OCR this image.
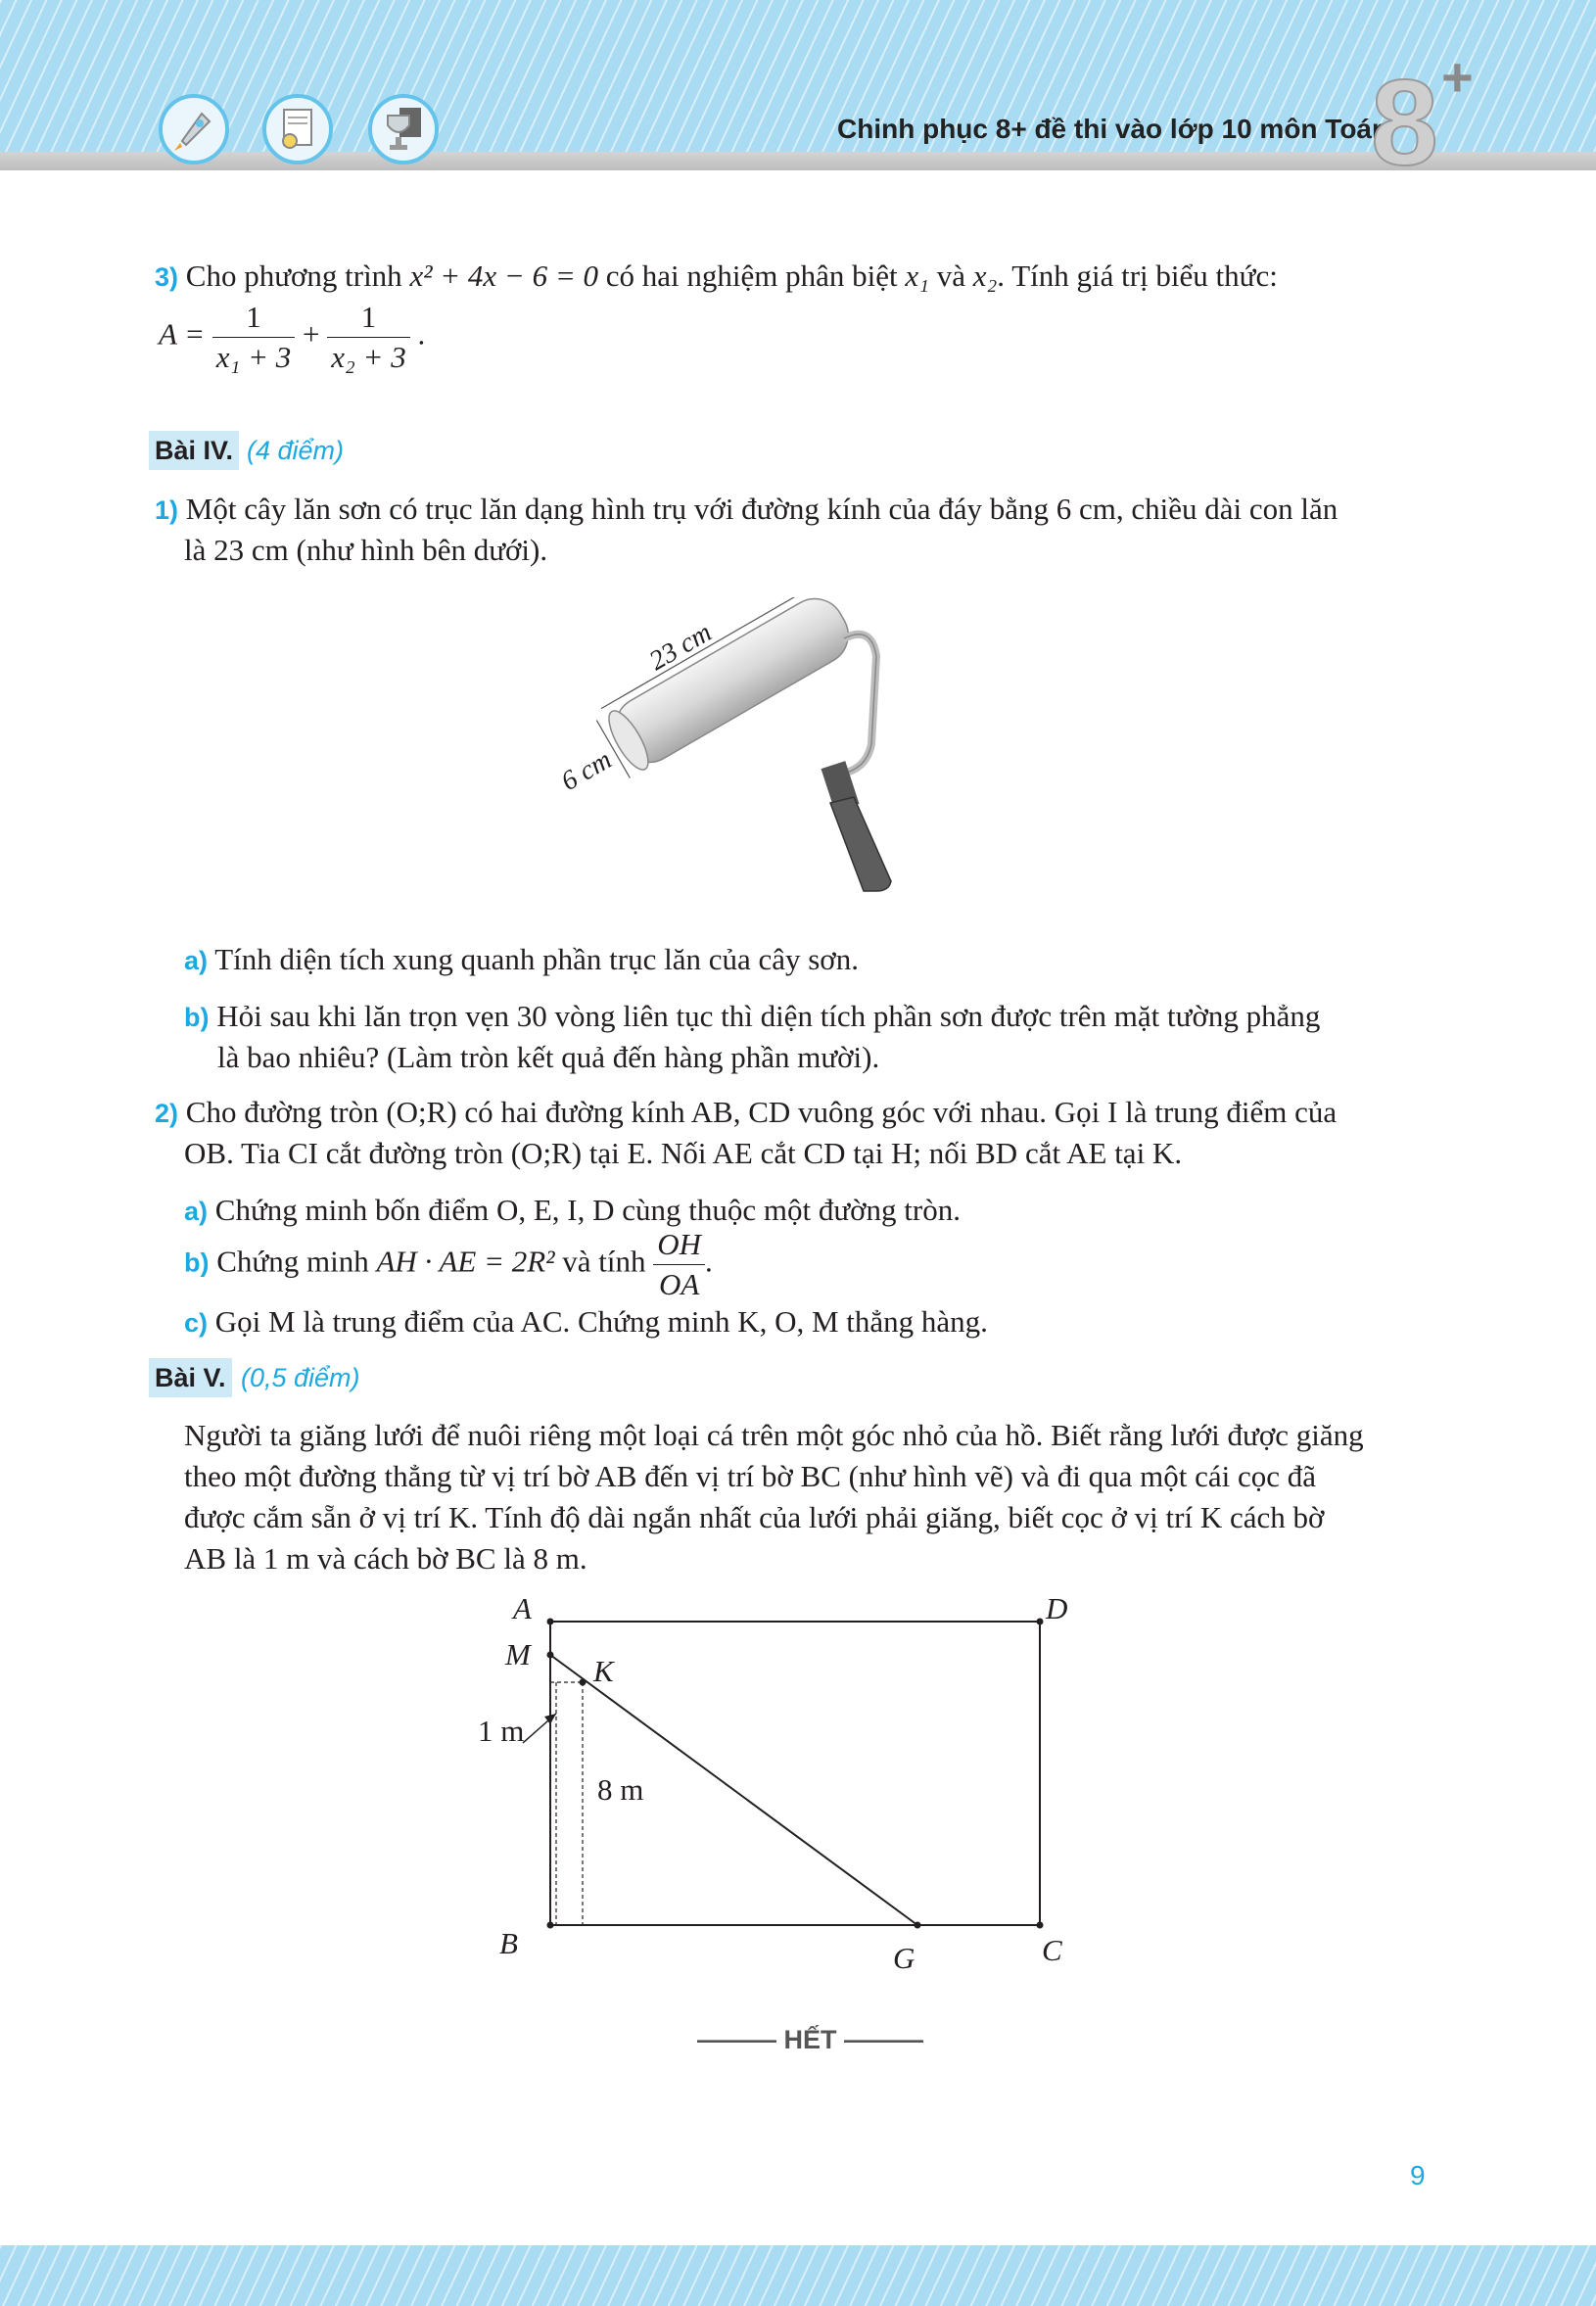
Chinh phục 8+ đề thi vào lớp 10 môn Toán
8 +
3) Cho phương trình x² + 4x − 6 = 0 có hai nghiệm phân biệt x₁ và x₂. Tính giá trị biểu thức:
$A = \frac{1}{\text{x₁ + 3}} + \frac{1}{\text{x₂ + 3}}$ .
Bài IV. (4 điểm)
1) Một cây lăn sơn có trục lăn dạng hình trụ với đường kính của đáy bằng 6 cm, chiều dài con lăn
là 23 cm (như hình bên dưới).
23 cm
6 cm
a) Tính diện tích xung quanh phần trục lăn của cây sơn.
b) Hỏi sau khi lăn trọn vẹn 30 vòng liên tục thì diện tích phần sơn được trên mặt tường phẳng
là bao nhiêu? (Làm tròn kết quả đến hàng phần mười).
2) Cho đường tròn (O;R) có hai đường kính AB, CD vuông góc với nhau. Gọi I là trung điểm của
OB. Tia CI cắt đường tròn (O;R) tại E. Nối AE cắt CD tại H; nối BD cắt AE tại K.
a) Chứng minh bốn điểm O, E, I, D cùng thuộc một đường tròn.
b) Chứng minh AH · AE = 2R² và tính $\frac{OH}{OA}$ .
c) Gọi M là trung điểm của AC. Chứng minh K, O, M thẳng hàng.
Bài V. (0,5 điểm)
Người ta giăng lưới để nuôi riêng một loại cá trên một góc nhỏ của hồ. Biết rằng lưới được giăng
theo một đường thẳng từ vị trí bờ AB đến vị trí bờ BC (như hình vẽ) và đi qua một cái cọc đã
được cắm sẵn ở vị trí K. Tính độ dài ngắn nhất của lưới phải giăng, biết cọc ở vị trí K cách bờ
AB là 1 m và cách bờ BC là 8 m.
A	D
M K
B	G	C
1 m
8 m
——— HẾT ———
9
